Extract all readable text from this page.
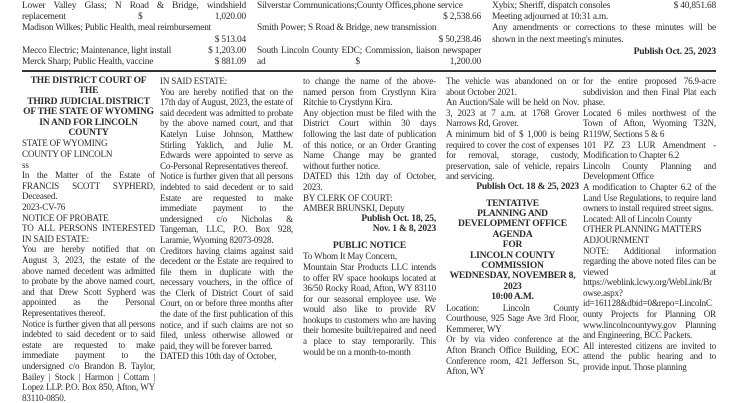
Lower Valley Glass; N Road & Bridge, windshield replacement	$ 1,020.00
Madison Wilkes; Public Health, meal reimbursement
$ 513.04
Mecco Electric; Maintenance, light install	$ 1,203.00
Merck Sharp; Public Health, vaccine	$ 881.09
Silverstar Communications;County Offices,phone service
$ 2,538.66
Smith Power; S Road & Bridge, new transmission
$ 50,238.46
South Lincoln County EDC; Commission, liaison newspaper ad	$ 1,200.00
Xybix; Sheriff, dispatch consoles	$ 40,851.68
Meeting adjourned at 10:31 a.m.
Any amendments or corrections to these minutes will be shown in the next meeting's minutes.
Publish Oct. 25, 2023

THE DISTRICT COURT OF THE
THIRD JUDICIAL DISTRICT
OF THE STATE OF WYOMING
IN AND FOR LINCOLN
COUNTY

STATE OF WYOMING

COUNTY OF LINCOLN

ss

In the Matter of the Estate of FRANCIS SCOTT SYPHERD, Deceased.

2023-CV-76

NOTICE OF PROBATE

TO ALL PERSONS INTERESTED IN SAID ESTATE:

You are hereby notified that on August 3, 2023, the estate of the above named decedent was admitted to probate by the above named court, and that Drew Scott Sypherd was appointed as the Personal Representatives thereof.

Notice is further given that all persons indebted to said decedent or to said estate are requested to make immediate payment to the undersigned c/o Brandon B. Taylor, Bailey | Stock | Harmon | Cottam | Lopez LLP. P.O. Box 850, Afton, WY 83110-0850.

IN SAID ESTATE:

You are hereby notified that on the 17th day of August, 2023, the estate of said decedent was admitted to probate by the above named court, and that Katelyn Luise Johnson, Matthew Stirling Yaklich, and Julie M. Edwards were appointed to serve as Co-Personal Representatives thereof.

Notice is further given that all persons indebted to said decedent or to said Estate are requested to make immediate payment to the undersigned c/o Nicholas & Tangeman, LLC, P.O. Box 928, Laramie, Wyoming 82073-0928.

Creditors having claims against said decedent or the Estate are required to file them in duplicate with the necessary vouchers, in the office of the Clerk of District Court of said Court, on or before three months after the date of the first publication of this notice, and if such claims are not so filed, unless otherwise allowed or paid, they will be forever barred.

DATED this 10th day of October,

to change the name of the above-named person from Crystlynn Kira Ritchie to Crystlynn Kira.

Any objection must be filed with the District Court within 30 days following the last date of publication of this notice, or an Order Granting Name Change may be granted without further notice.

DATED this 12th day of October, 2023.

BY CLERK OF COURT:

AMBER BRUNSKI, Deputy

Publish Oct. 18, 25,
Nov. 1 & 8, 2023

PUBLIC NOTICE

To Whom It May Concern,

Mountain Star Products LLC intends to offer RV space hookups located at 36/50 Rocky Road, Afton, WY 83110 for our seasonal employee use. We would also like to provide RV hookups to customers who are having their homesite built/repaired and need a place to stay temporarily. This would be on a month-to-month

The vehicle was abandoned on or about October 2021.

An Auction/Sale will be held on Nov. 3, 2023 at 7 a.m. at 1768 Grover Narrows Rd, Grover.

A minimum bid of $ 1,000 is being required to cover the cost of expenses for removal, storage, custody, preservation, sale of vehicle, repairs and servicing.

Publish Oct. 18 & 25, 2023

TENTATIVE
PLANNING AND
DEVELOPMENT OFFICE
AGENDA
FOR
LINCOLN COUNTY
COMMISSION
WEDNESDAY, NOVEMBER 8,
2023
10:00 A.M.

Location: Lincoln County Courthouse, 925 Sage Ave 3rd Floor, Kemmerer, WY

Or by via video conference at the Afton Branch Office Building, EOC Conference room, 421 Jefferson St., Afton, WY

for the entire proposed 76.9-acre subdivision and then Final Plat each phase.

Located 6 miles northwest of the Town of Afton, Wyoming T32N, R119W, Sections 5 & 6

101 PZ 23 LUR Amendment - Modification to Chapter 6.2

Lincoln County Planning and Development Office

A modification to Chapter 6.2 of the Land Use Regulations, to require land owners to install required street signs.

Located: All of Lincoln County

OTHER PLANNING MATTERS

ADJOURNMENT

NOTE: Additional information regarding the above noted files can be viewed at https://weblink.lcwy.org/WebLink/Browse.aspx?id=161128&dbid=0&repo=LincolnCounty Projects for Planning OR www.lincolncountywy.gov Planning and Engineering, BCC Packets.

All interested citizens are invited to attend the public hearing and to provide input. Those planning
